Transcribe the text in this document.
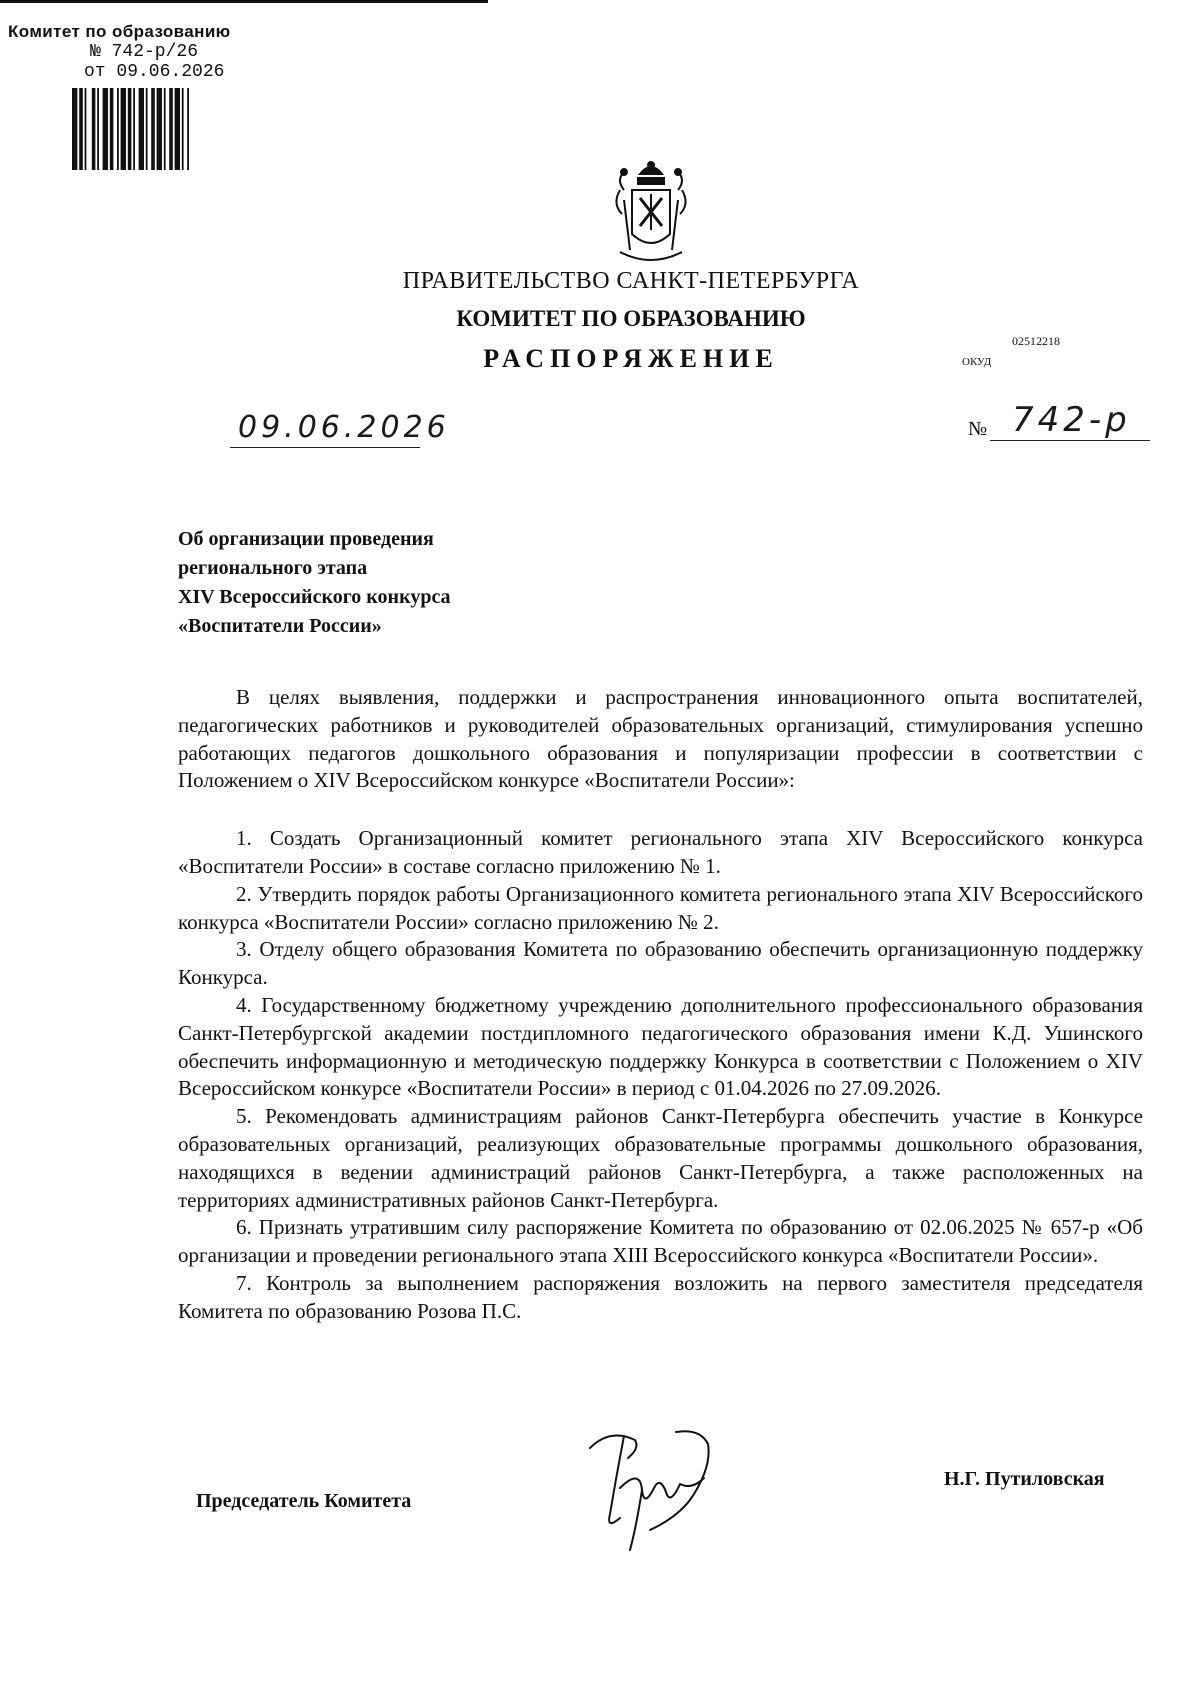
Комитет по образованию
№ 742-р/26
от 09.06.2026
ПРАВИТЕЛЬСТВО САНКТ-ПЕТЕРБУРГА
КОМИТЕТ ПО ОБРАЗОВАНИЮ
РАСПОРЯЖЕНИЕ
02512218
ОКУД
09.06.2026	№ 742-р
Об организации проведения
регионального этапа
XIV Всероссийского конкурса
«Воспитатели России»

В целях выявления, поддержки и распространения инновационного опыта воспитателей, педагогических работников и руководителей образовательных организаций, стимулирования успешно работающих педагогов дошкольного образования и популяризации профессии в соответствии с Положением о XIV Всероссийском конкурсе «Воспитатели России»:

1. Создать Организационный комитет регионального этапа XIV Всероссийского конкурса «Воспитатели России» в составе согласно приложению № 1.

2. Утвердить порядок работы Организационного комитета регионального этапа XIV Всероссийского конкурса «Воспитатели России» согласно приложению № 2.

3. Отделу общего образования Комитета по образованию обеспечить организационную поддержку Конкурса.

4. Государственному бюджетному учреждению дополнительного профессионального образования Санкт-Петербургской академии постдипломного педагогического образования имени К.Д. Ушинского обеспечить информационную и методическую поддержку Конкурса в соответствии с Положением о XIV Всероссийском конкурсе «Воспитатели России» в период с 01.04.2026 по 27.09.2026.

5. Рекомендовать администрациям районов Санкт-Петербурга обеспечить участие в Конкурсе образовательных организаций, реализующих образовательные программы дошкольного образования, находящихся в ведении администраций районов Санкт-Петербурга, а также расположенных на территориях административных районов Санкт-Петербурга.

6. Признать утратившим силу распоряжение Комитета по образованию от 02.06.2025 № 657-р «Об организации и проведении регионального этапа XIII Всероссийского конкурса «Воспитатели России».

7. Контроль за выполнением распоряжения возложить на первого заместителя председателя Комитета по образованию Розова П.С.

Председатель Комитета
Н.Г. Путиловская
